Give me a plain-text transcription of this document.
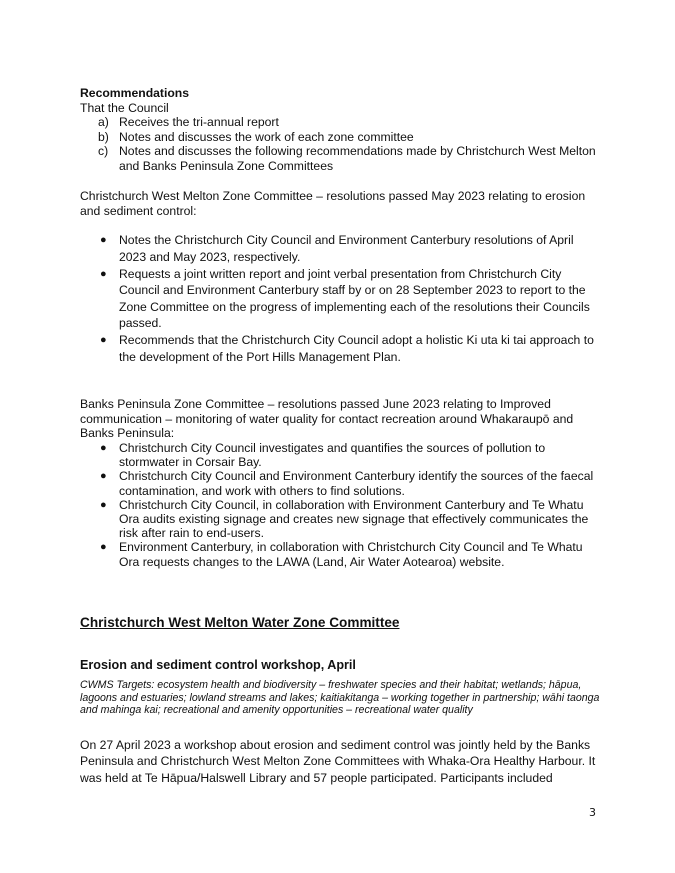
Recommendations

That the Council

a) Receives the tri-annual report
b) Notes and discusses the work of each zone committee
c) Notes and discusses the following recommendations made by Christchurch West Melton and Banks Peninsula Zone Committees

Christchurch West Melton Zone Committee – resolutions passed May 2023 relating to erosion and sediment control:

● Notes the Christchurch City Council and Environment Canterbury resolutions of April 2023 and May 2023, respectively.
● Requests a joint written report and joint verbal presentation from Christchurch City Council and Environment Canterbury staff by or on 28 September 2023 to report to the Zone Committee on the progress of implementing each of the resolutions their Councils passed.
● Recommends that the Christchurch City Council adopt a holistic Ki uta ki tai approach to the development of the Port Hills Management Plan.

Banks Peninsula Zone Committee – resolutions passed June 2023 relating to Improved communication – monitoring of water quality for contact recreation around Whakaraupō and Banks Peninsula:

● Christchurch City Council investigates and quantifies the sources of pollution to stormwater in Corsair Bay.
● Christchurch City Council and Environment Canterbury identify the sources of the faecal contamination, and work with others to find solutions.
● Christchurch City Council, in collaboration with Environment Canterbury and Te Whatu Ora audits existing signage and creates new signage that effectively communicates the risk after rain to end-users.
● Environment Canterbury, in collaboration with Christchurch City Council and Te Whatu Ora requests changes to the LAWA (Land, Air Water Aotearoa) website.
Christchurch West Melton Water Zone Committee
Erosion and sediment control workshop, April

CWMS Targets: ecosystem health and biodiversity – freshwater species and their habitat; wetlands; hāpua, lagoons and estuaries; lowland streams and lakes; kaitiakitanga – working together in partnership; wāhi taonga and mahinga kai; recreational and amenity opportunities – recreational water quality

On 27 April 2023 a workshop about erosion and sediment control was jointly held by the Banks Peninsula and Christchurch West Melton Zone Committees with Whaka-Ora Healthy Harbour. It was held at Te Hāpua/Halswell Library and 57 people participated. Participants included

3
